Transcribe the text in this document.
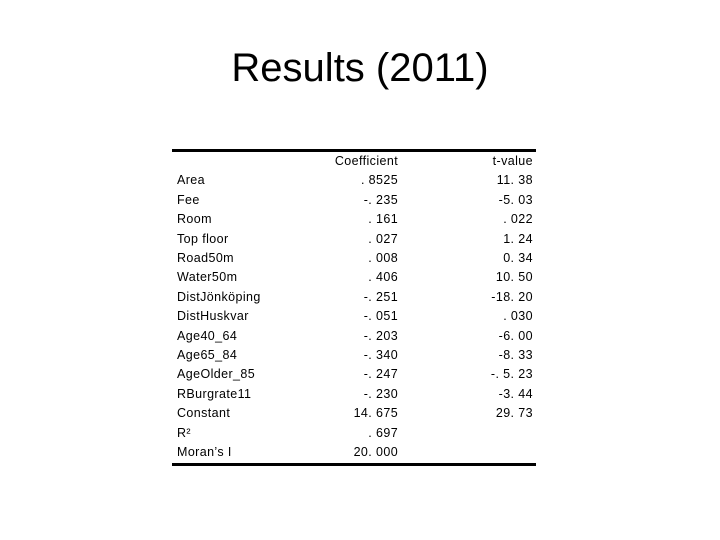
Results (2011)
	Coefficient		t-value
Area	. 8525		11. 38
Fee	-. 235		-5. 03
Room	. 161		. 022
Top floor	. 027		1. 24
Road50m	. 008		0. 34
Water50m	. 406		10. 50
DistJönköping	-. 251		-18. 20
DistHuskvar	-. 051		. 030
Age40_64	-. 203		-6. 00
Age65_84	-. 340		-8. 33
AgeOlder_85	-. 247		-. 5. 23
RBurgrate11	-. 230		-3. 44
Constant	14. 675		29. 73
R²	. 697		
Moran’s I	20. 000		
